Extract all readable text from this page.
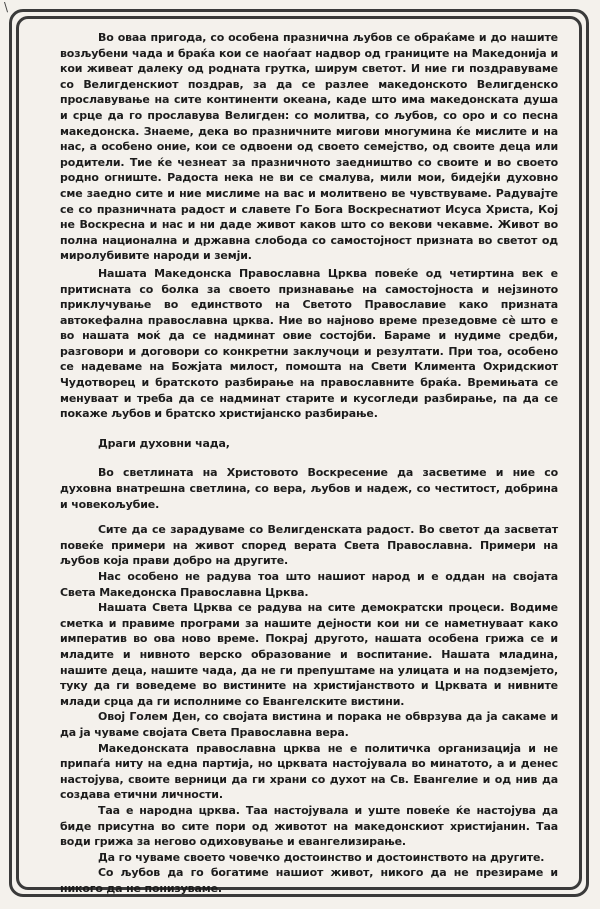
\

Во оваа пригода, со особена празнична љубов се обраќаме и до нашите возљубени чада и браќа кои се наоѓаат надвор од границите на Македонија и кои живеат далеку од родната грутка, ширум светот. И ние ги поздравуваме со Велигденскиот поздрав, за да се разлее македонското Велигденско прославување на сите континенти океана, каде што има македонската душа и срце да го прославува Велигден: со молитва, со љубов, со оро и со песна македонска. Знаеме, дека во празничните мигови многумина ќе мислите и на нас, а особено оние, кои се одвоени од своето семејство, од своите деца или родители. Тие ќе чезнеат за празничното заедништво со своите и во своето родно огниште. Радоста нека не ви се смалува, мили мои, бидејќи духовно сме заедно сите и ние мислиме на вас и молитвено ве чувствуваме. Радувајте се со празничната радост и славете Го Бога Воскреснатиот Исуса Христа, Кој не Воскресна и нас и ни даде живот каков што со векови чекавме. Живот во полна национална и државна слобода со самостојност призната во светот од миролубивите народи и земји.

Нашата Македонска Православна Црква повеќе од четиртина век е притисната со болка за своето признавање на самостојноста и нејзиното приклучување во единството на Светото Православие како призната автокефална православна црква. Ние во најново време презедовме сè што е во нашата моќ да се надминат овие состојби. Бараме и нудиме средби, разговори и договори со конкретни заклучоци и резултати. При тоа, особено се надеваме на Божјата милост, помошта на Свети Климента Охридскиот Чудотворец и братското разбирање на православните браќа. Времињата се менуваат и треба да се надминат старите и кусогледи разбирање, па да се покаже љубов и братско христијанско разбирање.

Драги духовни чада,

Во светлината на Христовото Воскресение да засветиме и ние со духовна внатрешна светлина, со вера, љубов и надеж, со честитост, добрина и човекољубие.

Сите да се зарадуваме со Велигденската радост. Во светот да засветат повеќе примери на живот според верата Света Православна. Примери на љубов која прави добро на другите.

Нас особено не радува тоа што нашиот народ и е оддан на својата Света Македонска Православна Црква.

Нашата Света Црква се радува на сите демократски процеси. Водиме сметка и правиме програми за нашите дејности кои ни се наметнуваат како императив во ова ново време. Покрај другото, нашата особена грижа се и младите и нивното верско образование и воспитание. Нашата младина, нашите деца, нашите чада, да не ги препуштаме на улицата и на подземјето, туку да ги воведеме во вистините на христијанството и Црквата и нивните млади срца да ги исполниме со Евангелските вистини.

Овој Голем Ден, со својата вистина и порака не обврзува да ја сакаме и да ја чуваме својата Света Православна вера.

Македонската православна црква не е политичка организација и не припаѓа ниту на една партија, но црквата настојувала во минатото, а и денес настојува, своите верници да ги храни со духот на Св. Евангелие и од нив да создава етични личности.

Таа е народна црква. Таа настојувала и уште повеќе ќе настојува да биде присутна во сите пори од животот на македонскиот христијанин. Таа води грижа за негово одиховување и евангелизирање.

Да го чуваме своето човечко достоинство и достоинството на другите.

Со љубов да го богатиме нашиот живот, никого да не презираме и никого да не понизуваме.
